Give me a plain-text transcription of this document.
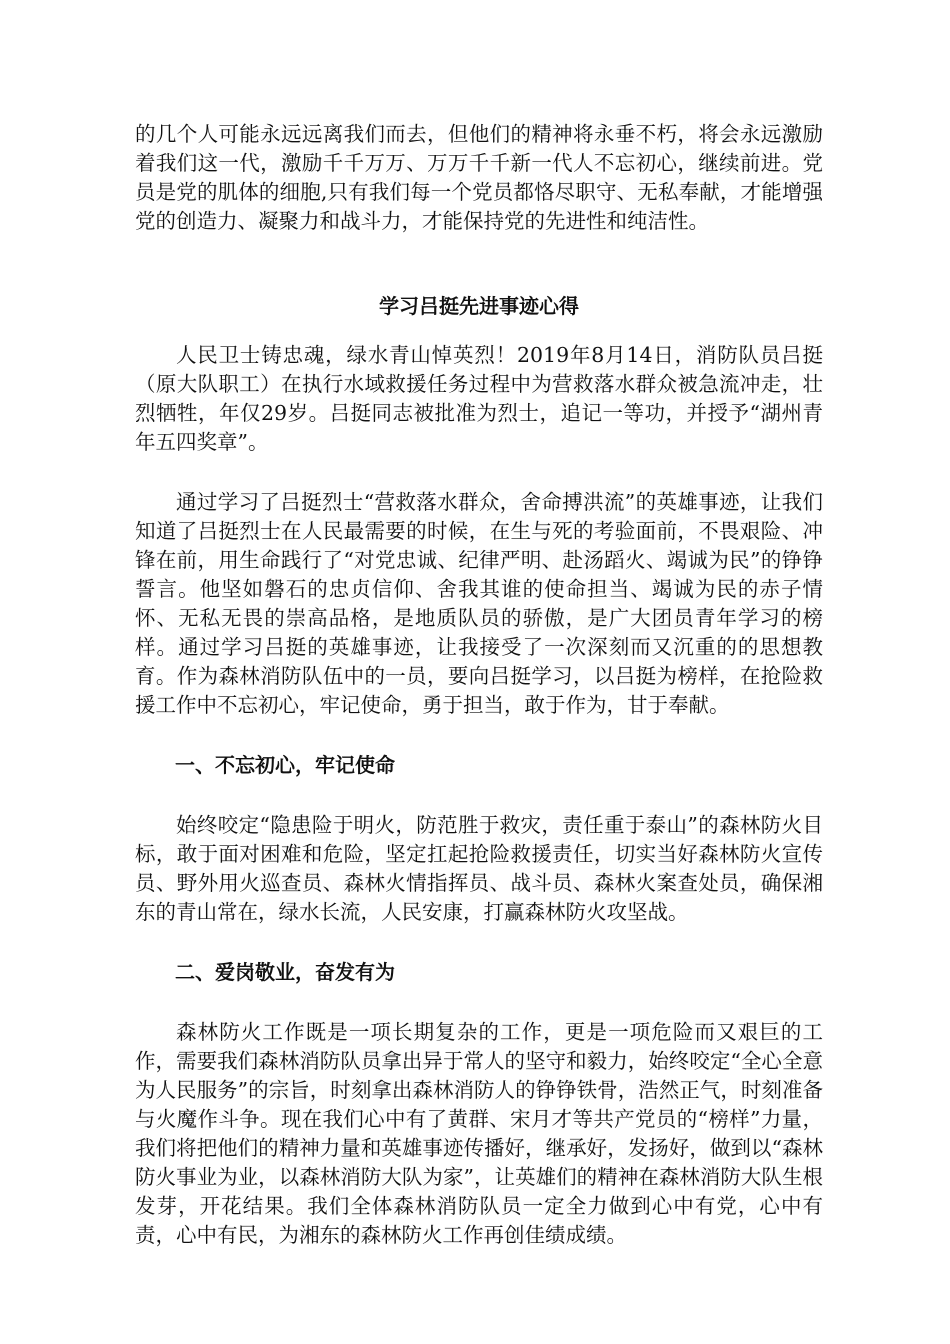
的几个人可能永远远离我们而去，但他们的精神将永垂不朽，将会永远激励着我们这一代，激励千千万万、万万千千新一代人不忘初心，继续前进。党员是党的肌体的细胞,只有我们每一个党员都恪尽职守、无私奉献，才能增强党的创造力、凝聚力和战斗力，才能保持党的先进性和纯洁性。

学习吕挺先进事迹心得

人民卫士铸忠魂，绿水青山悼英烈！2019年8月14日，消防队员吕挺（原大队职工）在执行水域救援任务过程中为营救落水群众被急流冲走，壮烈牺牲，年仅29岁。吕挺同志被批准为烈士，追记一等功，并授予“湖州青年五四奖章”。

通过学习了吕挺烈士“营救落水群众，舍命搏洪流”的英雄事迹，让我们知道了吕挺烈士在人民最需要的时候，在生与死的考验面前，不畏艰险、冲锋在前，用生命践行了“对党忠诚、纪律严明、赴汤蹈火、竭诚为民”的铮铮誓言。他坚如磐石的忠贞信仰、舍我其谁的使命担当、竭诚为民的赤子情怀、无私无畏的崇高品格，是地质队员的骄傲，是广大团员青年学习的榜样。通过学习吕挺的英雄事迹，让我接受了一次深刻而又沉重的的思想教育。作为森林消防队伍中的一员，要向吕挺学习，以吕挺为榜样，在抢险救援工作中不忘初心，牢记使命，勇于担当，敢于作为，甘于奉献。

一、不忘初心，牢记使命

始终咬定“隐患险于明火，防范胜于救灾，责任重于泰山”的森林防火目标，敢于面对困难和危险，坚定扛起抢险救援责任，切实当好森林防火宣传员、野外用火巡查员、森林火情指挥员、战斗员、森林火案查处员，确保湘东的青山常在，绿水长流，人民安康，打赢森林防火攻坚战。

二、爱岗敬业，奋发有为

森林防火工作既是一项长期复杂的工作，更是一项危险而又艰巨的工作，需要我们森林消防队员拿出异于常人的坚守和毅力，始终咬定“全心全意为人民服务”的宗旨，时刻拿出森林消防人的铮铮铁骨，浩然正气，时刻准备与火魔作斗争。现在我们心中有了黄群、宋月才等共产党员的“榜样”力量，我们将把他们的精神力量和英雄事迹传播好，继承好，发扬好，做到以“森林防火事业为业，以森林消防大队为家”，让英雄们的精神在森林消防大队生根发芽，开花结果。我们全体森林消防队员一定全力做到心中有党，心中有责，心中有民，为湘东的森林防火工作再创佳绩成绩。
